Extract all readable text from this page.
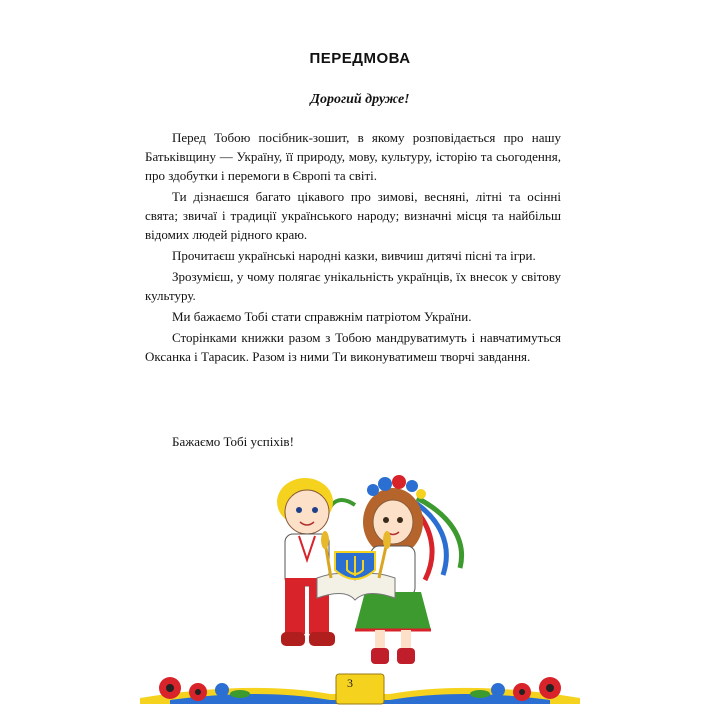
ПЕРЕДМОВА
Дорогий друже!

Перед Тобою посібник-зошит, в якому розповідається про нашу Батьківщину — Україну, її природу, мову, культуру, історію та сьогодення, про здобутки і перемоги в Європі та світі.

Ти дізнаєшся багато цікавого про зимові, весняні, літні та осінні свята; звичаї і традиції українського народу; визначні місця та найбільш відомих людей рідного краю.

Прочитаєш українські народні казки, вивчиш дитячі пісні та ігри.

Зрозумієш, у чому полягає унікальність українців, їх внесок у світову культуру.

Ми бажаємо Тобі стати справжнім патріотом України.

Сторінками книжки разом з Тобою мандруватимуть і навчатимуться Оксанка і Тарасик. Разом із ними Ти виконуватимеш творчі завдання.

Бажаємо Тобі успіхів!
3
